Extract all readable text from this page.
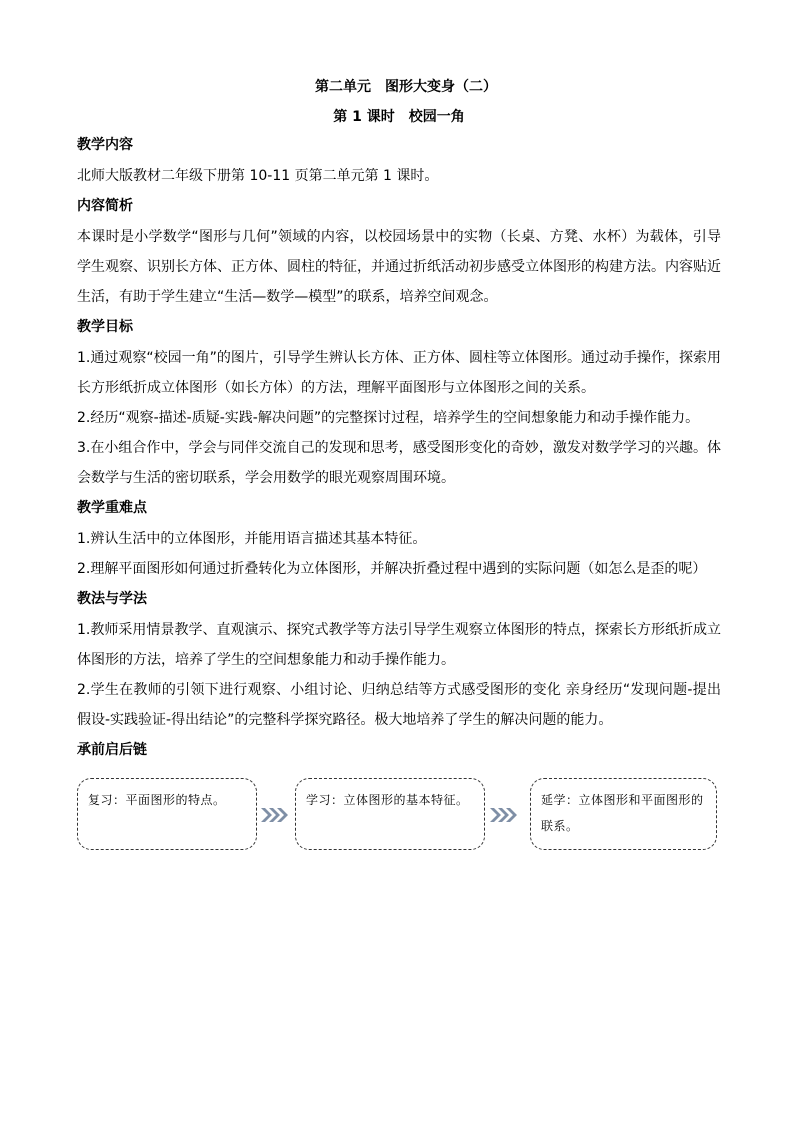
第二单元　图形大变身（二）

第 1 课时　校园一角

教学内容

北师大版教材二年级下册第 10-11 页第二单元第 1 课时。

内容简析

本课时是小学数学“图形与几何”领域的内容，以校园场景中的实物（长桌、方凳、水杯）为载体，引导学生观察、识别长方体、正方体、圆柱的特征，并通过折纸活动初步感受立体图形的构建方法。内容贴近生活，有助于学生建立“生活—数学—模型”的联系，培养空间观念。

教学目标

1.通过观察“校园一角”的图片，引导学生辨认长方体、正方体、圆柱等立体图形。通过动手操作，探索用长方形纸折成立体图形（如长方体）的方法，理解平面图形与立体图形之间的关系。

2.经历“观察-描述-质疑-实践-解决问题”的完整探讨过程，培养学生的空间想象能力和动手操作能力。

3.在小组合作中，学会与同伴交流自己的发现和思考，感受图形变化的奇妙，激发对数学学习的兴趣。体会数学与生活的密切联系，学会用数学的眼光观察周围环境。

教学重难点

1.辨认生活中的立体图形，并能用语言描述其基本特征。

2.理解平面图形如何通过折叠转化为立体图形，并解决折叠过程中遇到的实际问题（如怎么是歪的呢）

教法与学法

1.教师采用情景教学、直观演示、探究式教学等方法引导学生观察立体图形的特点，探索长方形纸折成立体图形的方法，培养了学生的空间想象能力和动手操作能力。

2.学生在教师的引领下进行观察、小组讨论、归纳总结等方式感受图形的变化 亲身经历“发现问题-提出假设-实践验证-得出结论”的完整科学探究路径。极大地培养了学生的解决问题的能力。

承前启后链

复习：平面图形的特点。	学习：立体图形的基本特征。	延学：立体图形和平面图形的联系。
